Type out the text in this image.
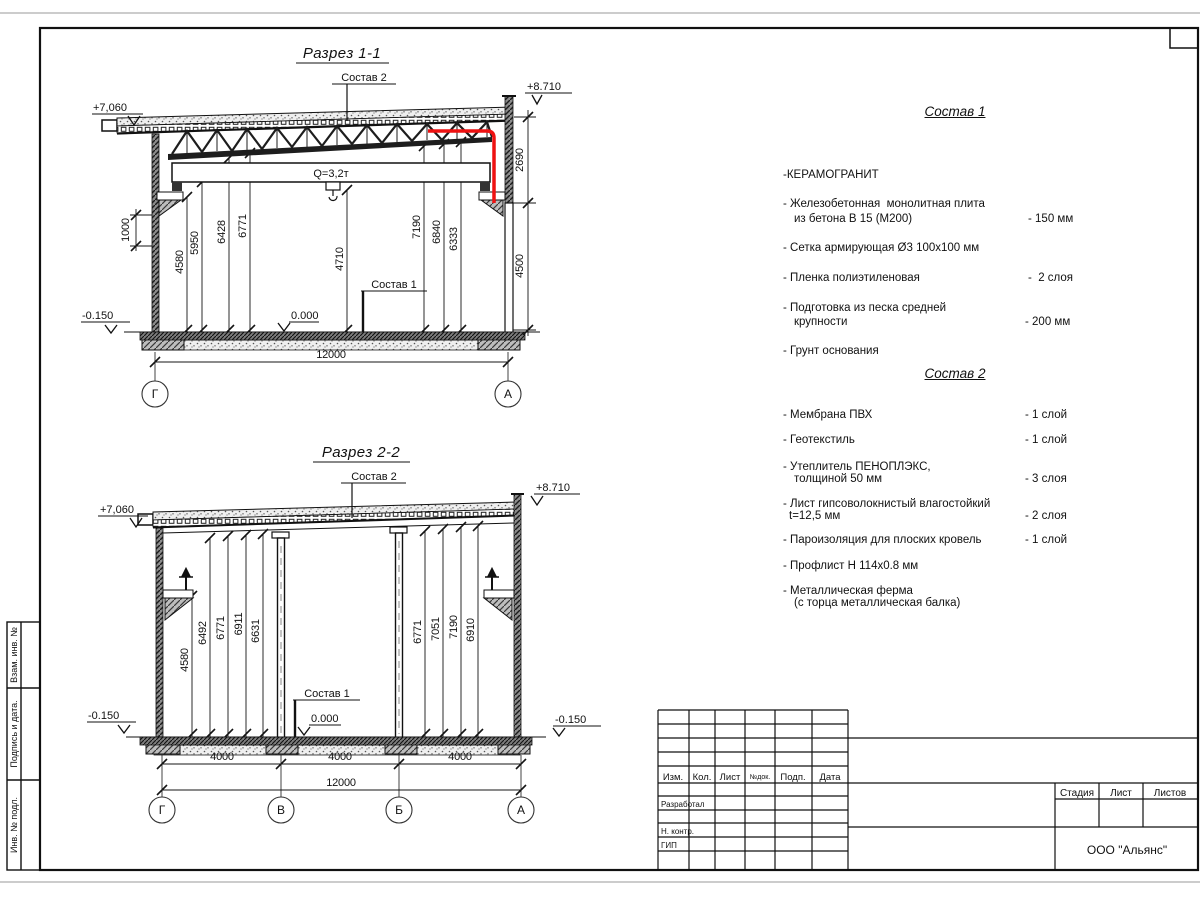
Взам. инв. №
Подпись и дата.
Инв. № подл.
Разрез 1-1
4580
5950 6428 6771
4710
7190 6840 6333
Q=3,2т
Состав 2
Состав 1
+7,060
+8.710
0.000
-0.150
1000
2690
4500
12000
Г	А
Разрез 2-2
4580
6492 6771 6911 6631	6771 7051 7190 6910
Состав 2
Состав 1
+7,060
+8.710
0.000
-0.150	-0.150
4000	4000	4000
12000
Г	В	Б	А
Изм. Кол. Лист №док. Подп. Дата
Разработал
Н. контр.
ГИП
Стадия Лист Листов
ООО "Альянс"
Состав 1
-КЕРАМОГРАНИТ
- Железобетонная  монолитная плита
из бетона В 15 (М200)	- 150 мм
- Сетка армирующая Ø3 100х100 мм
- Пленка полиэтиленовая	-  2 слоя
- Подготовка из песка средней
крупности	- 200 мм
- Грунт основания
Состав 2
- Мембрана ПВХ	- 1 слой
- Геотекстиль	- 1 слой
- Утеплитель ПЕНОПЛЭКС,
толщиной 50 мм	- 3 слоя
- Лист гипсоволокнистый влагостойкий
t=12,5 мм	- 2 слоя
- Пароизоляция для плоских кровель	- 1 слой
- Профлист Н 114х0.8 мм
- Металлическая ферма
(с торца металлическая балка)
